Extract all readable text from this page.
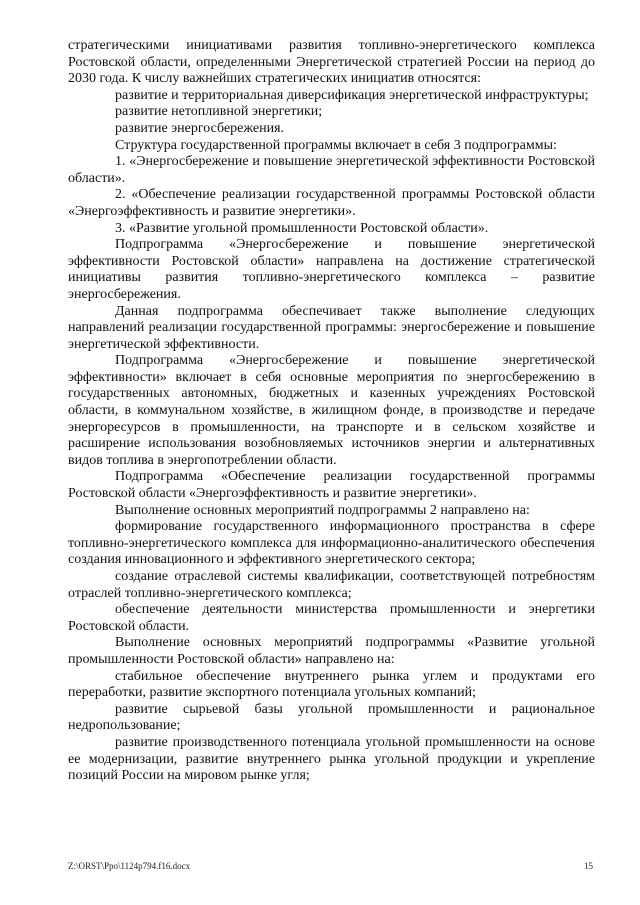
стратегическими инициативами развития топливно-энергетического комплекса Ростовской области, определенными Энергетической стратегией России на период до 2030 года. К числу важнейших стратегических инициатив относятся:

развитие и территориальная диверсификация энергетической инфраструктуры;

развитие нетопливной энергетики;

развитие энергосбережения.

Структура государственной программы включает в себя 3 подпрограммы:

1. «Энергосбережение и повышение энергетической эффективности Ростовской области».

2. «Обеспечение реализации государственной программы Ростовской области «Энергоэффективность и развитие энергетики».

3. «Развитие угольной промышленности Ростовской области».

Подпрограмма «Энергосбережение и повышение энергетической эффективности Ростовской области» направлена на достижение стратегической инициативы развития топливно-энергетического комплекса – развитие энергосбережения.

Данная подпрограмма обеспечивает также выполнение следующих направлений реализации государственной программы: энергосбережение и повышение энергетической эффективности.

Подпрограмма «Энергосбережение и повышение энергетической эффективности» включает в себя основные мероприятия по энергосбережению в государственных автономных, бюджетных и казенных учреждениях Ростовской области, в коммунальном хозяйстве, в жилищном фонде, в производстве и передаче энергоресурсов в промышленности, на транспорте и в сельском хозяйстве и расширение использования возобновляемых источников энергии и альтернативных видов топлива в энергопотреблении области.

Подпрограмма «Обеспечение реализации государственной программы Ростовской области «Энергоэффективность и развитие энергетики».

Выполнение основных мероприятий подпрограммы 2 направлено на:

формирование государственного информационного пространства в сфере топливно-энергетического комплекса для информационно-аналитического обеспечения создания инновационного и эффективного энергетического сектора;

создание отраслевой системы квалификации, соответствующей потребностям отраслей топливно-энергетического комплекса;

обеспечение деятельности министерства промышленности и энергетики Ростовской области.

Выполнение основных мероприятий подпрограммы «Развитие угольной промышленности Ростовской области» направлено на:

стабильное обеспечение внутреннего рынка углем и продуктами его переработки, развитие экспортного потенциала угольных компаний;

развитие сырьевой базы угольной промышленности и рациональное недропользование;

развитие производственного потенциала угольной промышленности на основе ее модернизации, развитие внутреннего рынка угольной продукции и укрепление позиций России на мировом рынке угля;

Z:\ORST\Ppo\1124p794.f16.docx	15
